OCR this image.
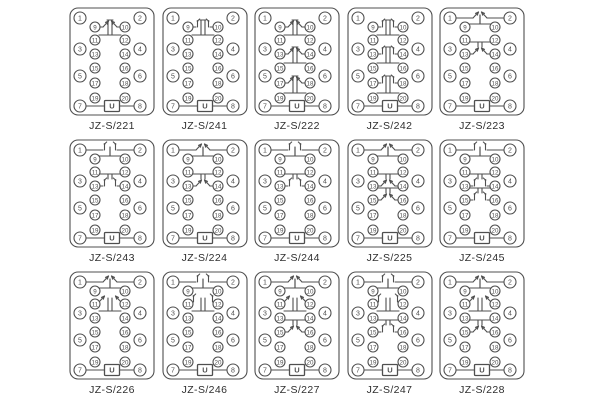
1
3
5
7
2
4
6
8
9
11
13
15
17
19
10
12
14
16
18
20
U
JZ-S/221
1
3
5
7
2
4
6
8
9
11
13
15
17
19
10
12
14
16
18
20
U
JZ-S/241
1
3
5
7
2
4
6
8
9
11
13
15
17
19
10
12
14
16
18
20
U
JZ-S/222
1
3
5
7
2
4
6
8
9
11
13
15
17
19
10
12
14
16
18
20
U
JZ-S/242
1
3
5
7
2
4
6
8
9
11
13
15
17
19
10
12
14
16
18
20
U
JZ-S/223
1
3
5
7
2
4
6
8
9
11
13
15
17
19
10
12
14
16
18
20
U
JZ-S/243
1
3
5
7
2
4
6
8
9
11
13
15
17
19
10
12
14
16
18
20
U
JZ-S/224
1
3
5
7
2
4
6
8
9
11
13
15
17
19
10
12
14
16
18
20
U
JZ-S/244
1
3
5
7
2
4
6
8
9
11
13
15
17
19
10
12
14
16
18
20
U
JZ-S/225
1
3
5
7
2
4
6
8
9
11
13
15
17
19
10
12
14
16
18
20
U
JZ-S/245
1
3
5
7
2
4
6
8
9
11
13
15
17
19
10
12
14
16
18
20
U
JZ-S/226
1
3
5
7
2
4
6
8
9
11
13
15
17
19
10
12
14
16
18
20
U
JZ-S/246
1
3
5
7
2
4
6
8
9
11
13
15
17
19
10
12
14
16
18
20
U
JZ-S/227
1
3
5
7
2
4
6
8
9
11
13
15
17
19
10
12
14
16
18
20
U
JZ-S/247
1
3
5
7
2
4
6
8
9
11
13
15
17
19
10
12
14
16
18
20
U
JZ-S/228
